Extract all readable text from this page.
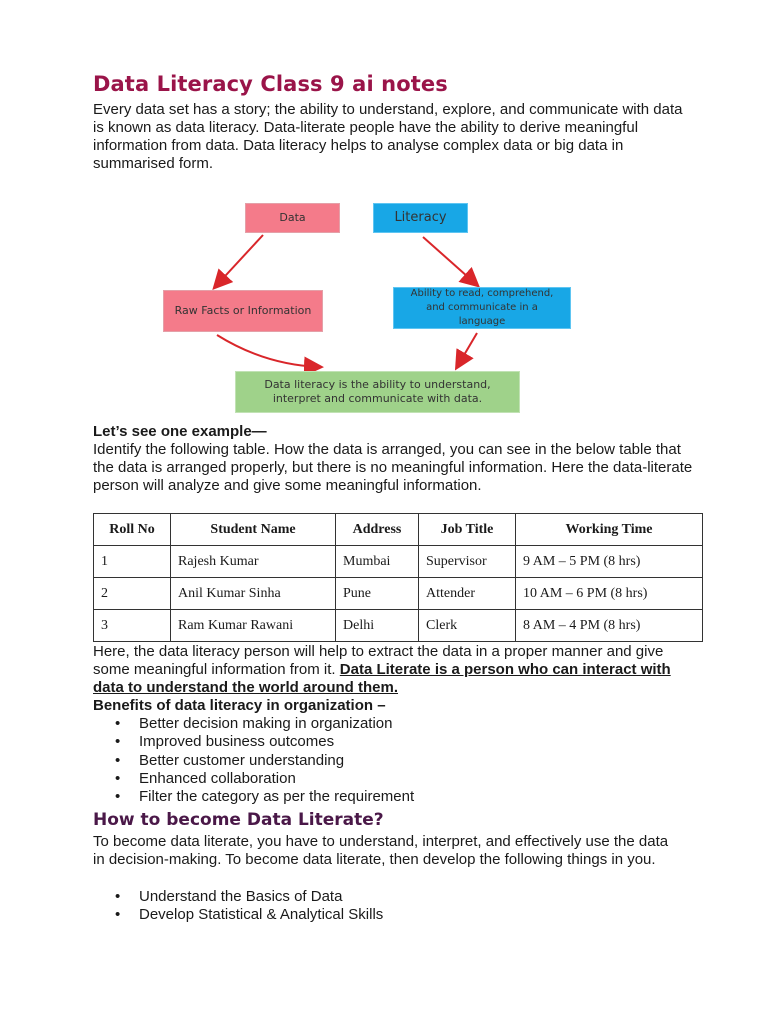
Data Literacy Class 9 ai notes

Every data set has a story; the ability to understand, explore, and communicate with data is known as data literacy. Data-literate people have the ability to derive meaningful information from data. Data literacy helps to analyse complex data or big data in summarised form.

Data	Literacy
Raw Facts or Information
Ability to read, comprehend, and communicate in a language
Data literacy is the ability to understand, interpret and communicate with data.

Let’s see one example—

Identify the following table. How the data is arranged, you can see in the below table that the data is arranged properly, but there is no meaningful information. Here the data-literate person will analyze and give some meaningful information.

Roll No	Student Name	Address	Job Title	Working Time
1	Rajesh Kumar	Mumbai	Supervisor	9 AM – 5 PM (8 hrs)
2	Anil Kumar Sinha	Pune	Attender	10 AM – 6 PM (8 hrs)
3	Ram Kumar Rawani	Delhi	Clerk	8 AM – 4 PM (8 hrs)

Here, the data literacy person will help to extract the data in a proper manner and give some meaningful information from it. Data Literate is a person who can interact with data to understand the world around them.

Benefits of data literacy in organization –

• Better decision making in organization
• Improved business outcomes
• Better customer understanding
• Enhanced collaboration
• Filter the category as per the requirement
How to become Data Literate?

To become data literate, you have to understand, interpret, and effectively use the data in decision-making. To become data literate, then develop the following things in you.

• Understand the Basics of Data
• Develop Statistical & Analytical Skills
